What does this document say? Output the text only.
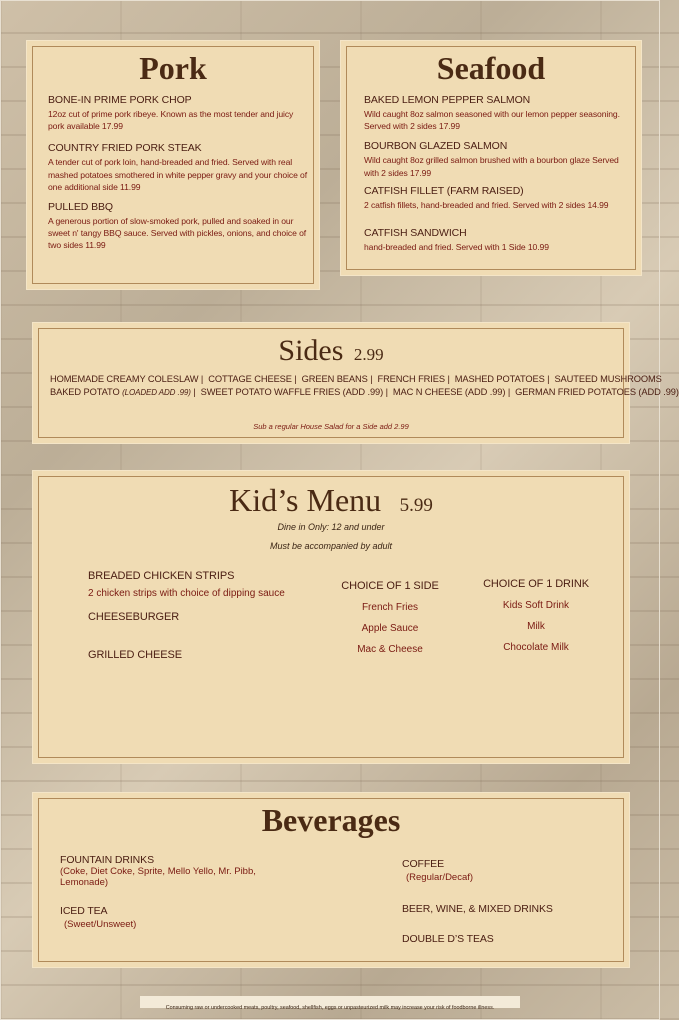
Pork

BONE-IN PRIME PORK CHOP

12oz cut of prime pork ribeye. Known as the most tender and juicy pork available 17.99

COUNTRY FRIED PORK STEAK

A tender cut of pork loin, hand-breaded and fried. Served with real mashed potatoes smothered in white pepper gravy and your choice of one additional side 11.99

PULLED BBQ

A generous portion of slow-smoked pork, pulled and soaked in our sweet n' tangy BBQ sauce. Served with pickles, onions, and choice of two sides 11.99

Seafood

BAKED LEMON PEPPER SALMON

Wild caught 8oz salmon seasoned with our lemon pepper seasoning. Served with 2 sides 17.99

BOURBON GLAZED SALMON

Wild caught 8oz grilled salmon brushed with a bourbon glaze Served with 2 sides 17.99

CATFISH FILLET (FARM RAISED)

2 catfish fillets, hand-breaded and fried. Served with 2 sides 14.99

CATFISH SANDWICH

hand-breaded and fried. Served with 1 Side 10.99

Sides 2.99
HOMEMADE CREAMY COLESLAW |  COTTAGE CHEESE |  GREEN BEANS |  FRENCH FRIES |  MASHED POTATOES |  SAUTEED MUSHROOMS
BAKED POTATO (LOADED ADD .99) |  SWEET POTATO WAFFLE FRIES (ADD .99) |  MAC N CHEESE (ADD .99) |  GERMAN FRIED POTATOES (ADD .99)
Sub a regular House Salad for a Side add 2.99
Kid’s Menu 5.99
Dine in Only: 12 and under
Must be accompanied by adult

BREADED CHICKEN STRIPS

2 chicken strips with choice of dipping sauce

CHEESEBURGER

GRILLED CHEESE

CHOICE OF 1 SIDE

French Fries

Apple Sauce

Mac & Cheese

CHOICE OF 1 DRINK

Kids Soft Drink

Milk

Chocolate Milk

Beverages

FOUNTAIN DRINKS

(Coke, Diet Coke, Sprite, Mello Yello, Mr. Pibb, Lemonade)

ICED TEA

(Sweet/Unsweet)

COFFEE

(Regular/Decaf)

BEER, WINE, & MIXED DRINKS

DOUBLE D’S TEAS

Consuming raw or undercooked meats, poultry, seafood, shellfish, eggs or unpasteurized milk may increase your risk of foodborne illness.
